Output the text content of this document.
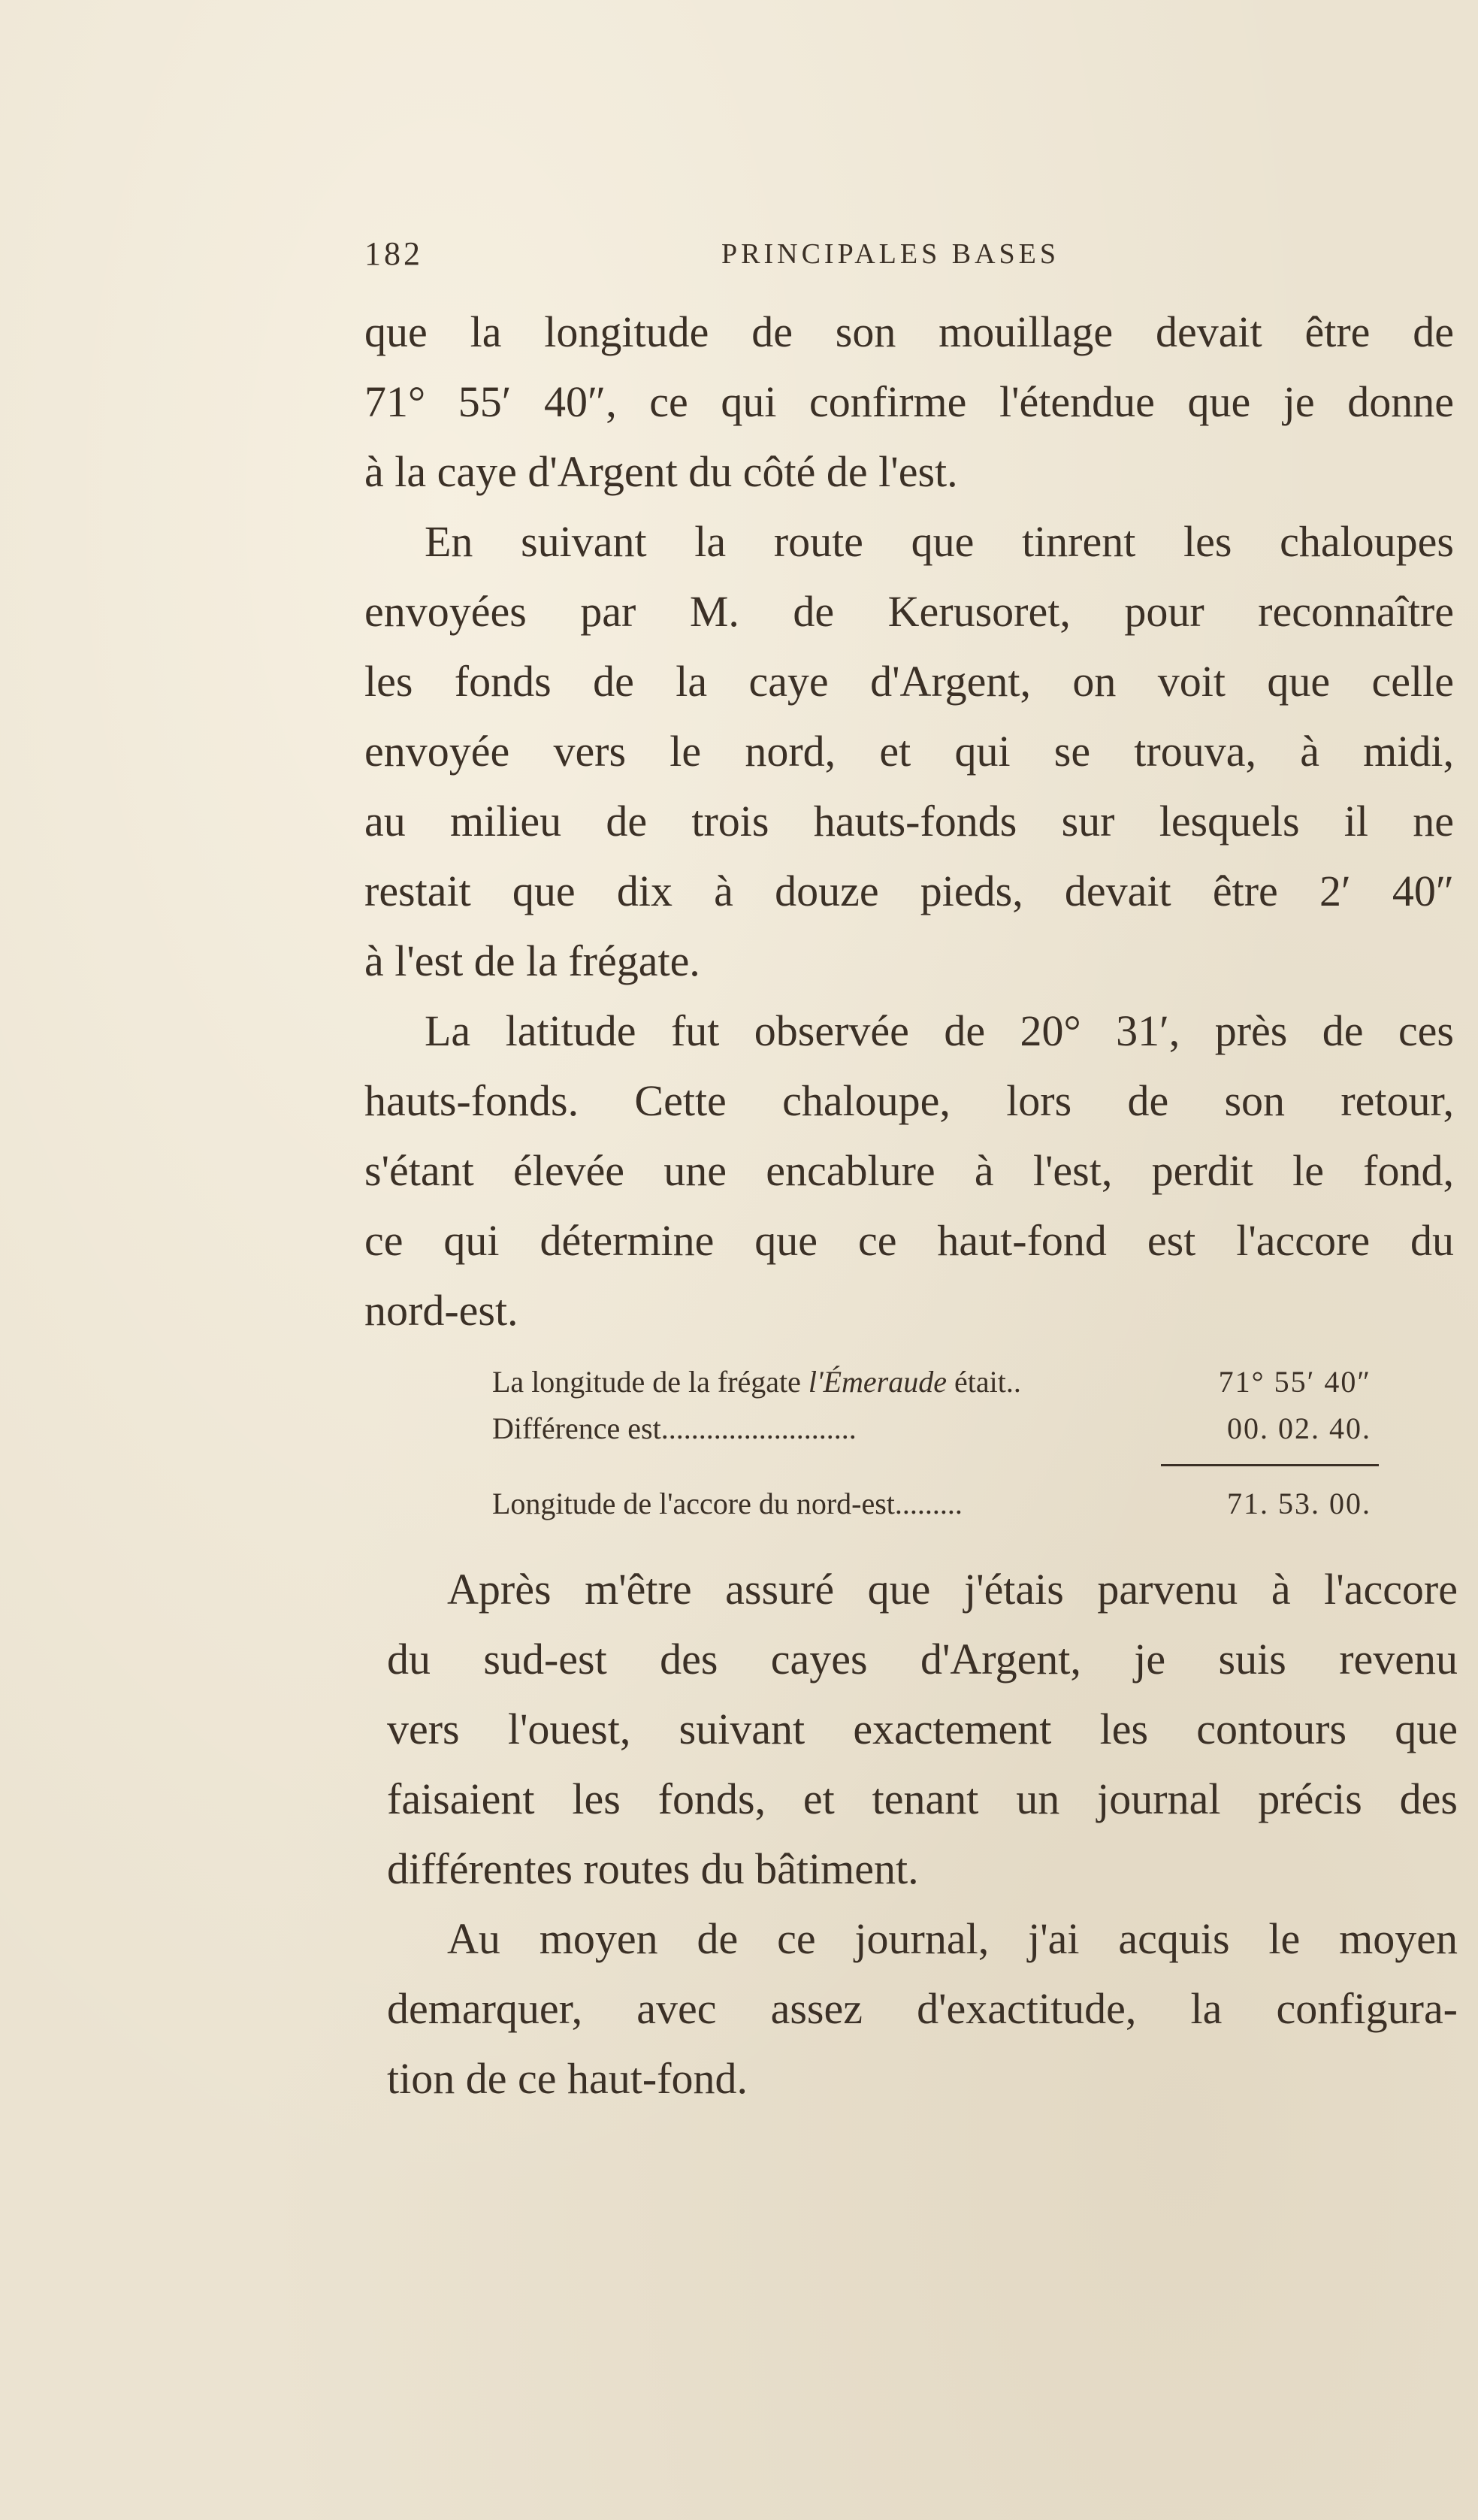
182	PRINCIPALES BASES
que la longitude de son mouillage devait être de
71° 55′ 40″, ce qui confirme l'étendue que je donne
à la caye d'Argent du côté de l'est.
En suivant la route que tinrent les chaloupes
envoyées par M. de Kerusoret, pour reconnaître
les fonds de la caye d'Argent, on voit que celle
envoyée vers le nord, et qui se trouva, à midi,
au milieu de trois hauts-fonds sur lesquels il ne
restait que dix à douze pieds, devait être 2′ 40″
à l'est de la frégate.
La latitude fut observée de 20° 31′, près de ces
hauts-fonds. Cette chaloupe, lors de son retour,
s'étant élevée une encablure à l'est, perdit le fond,
ce qui détermine que ce haut-fond est l'accore du
nord-est.
La longitude de la frégate l'Émeraude était..	71° 55′ 40″
Différence est..........................	00. 02. 40.
Longitude de l'accore du nord-est.........	71. 53. 00.
Après m'être assuré que j'étais parvenu à l'accore
du sud-est des cayes d'Argent, je suis revenu
vers l'ouest, suivant exactement les contours que
faisaient les fonds, et tenant un journal précis des
différentes routes du bâtiment.
Au moyen de ce journal, j'ai acquis le moyen
demarquer, avec assez d'exactitude, la configura-
tion de ce haut-fond.
